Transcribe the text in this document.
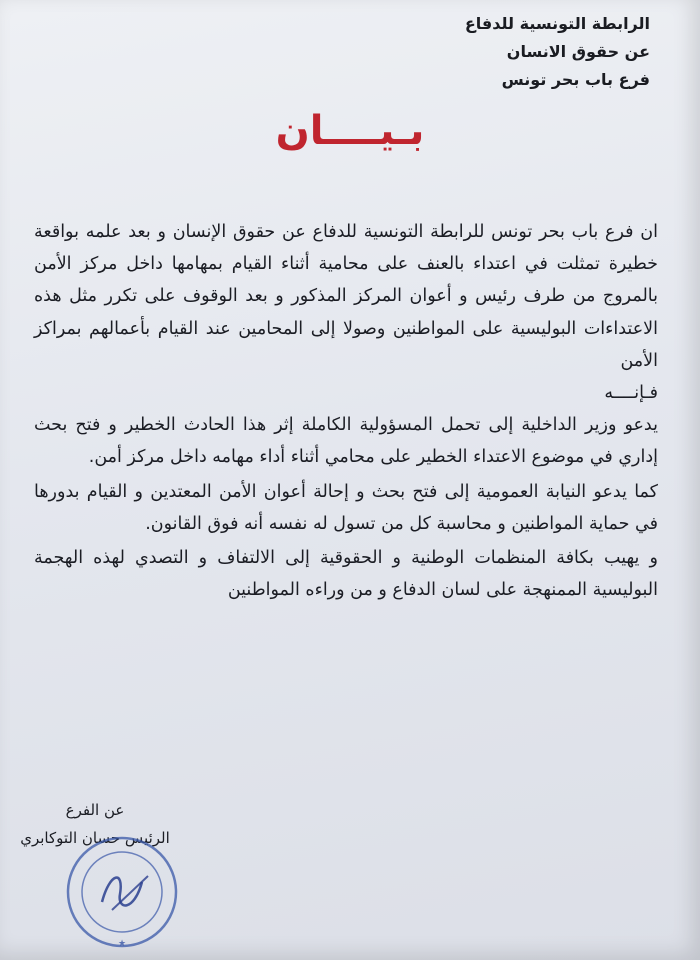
الرابطة التونسية للدفاع
عن حقوق الانسان
فرع باب بحر تونس
بـيــــان

ان فرع باب بحر تونس للرابطة التونسية للدفاع عن حقوق الإنسان و بعد علمه بواقعة خطيرة تمثلت في اعتداء بالعنف على محامية أثناء القيام بمهامها داخل مركز الأمن بالمروج من طرف رئيس و أعوان المركز المذكور و بعد الوقوف على تكرر مثل هذه الاعتداءات البوليسية على المواطنين وصولا إلى المحامين عند القيام بأعمالهم بمراكز الأمن

فـإنــــه

يدعو وزير الداخلية إلى تحمل المسؤولية الكاملة إثر هذا الحادث الخطير و فتح بحث إداري في موضوع الاعتداء الخطير على محامي أثناء أداء مهامه داخل مركز أمن.

كما يدعو النيابة العمومية إلى فتح بحث و إحالة أعوان الأمن المعتدين و القيام بدورها في حماية المواطنين و محاسبة كل من تسول له نفسه أنه فوق القانون.

و يهيب بكافة المنظمات الوطنية و الحقوقية إلى الالتفاف و التصدي لهذه الهجمة البوليسية الممنهجة على لسان الدفاع و من وراءه المواطنين

عن الفرع
الرئيس حسان التوكابري
★
